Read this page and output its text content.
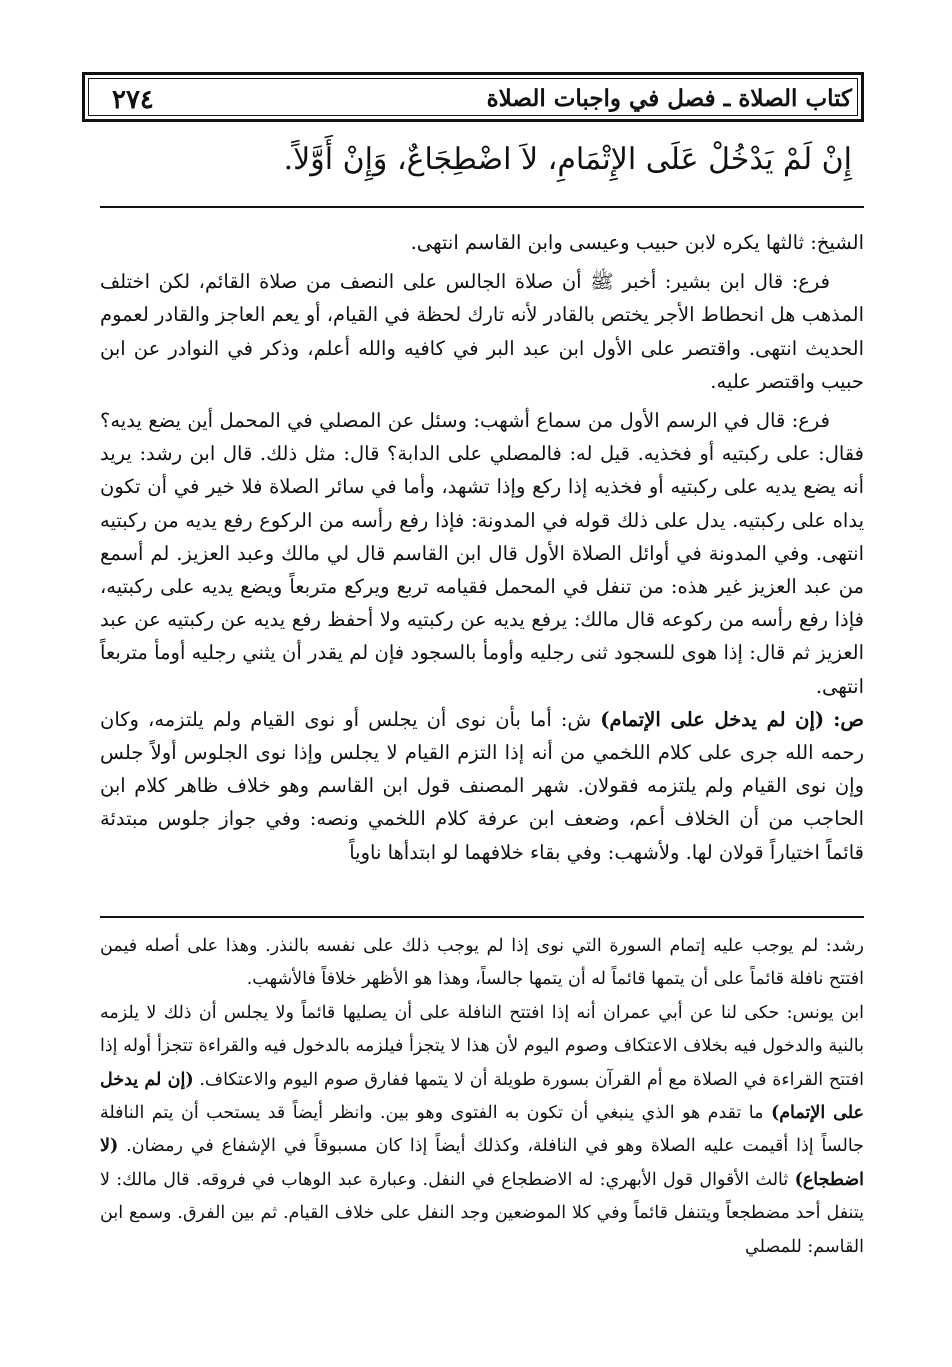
٢٧٤	كتاب الصلاة ـ فصل في واجبات الصلاة
إِنْ لَمْ يَدْخُلْ عَلَى الإِتْمَامِ، لاَ اضْطِجَاعٌ، وَإِنْ أَوَّلاً.

الشيخ: ثالثها يكره لابن حبيب وعيسى وابن القاسم انتهى.

فرع: قال ابن بشير: أخبر ﷺ أن صلاة الجالس على النصف من صلاة القائم، لكن اختلف المذهب هل انحطاط الأجر يختص بالقادر لأنه تارك لحظة في القيام، أو يعم العاجز والقادر لعموم الحديث انتهى. واقتصر على الأول ابن عبد البر في كافيه والله أعلم، وذكر في النوادر عن ابن حبيب واقتصر عليه.

فرع: قال في الرسم الأول من سماع أشهب: وسئل عن المصلي في المحمل أين يضع يديه؟ فقال: على ركبتيه أو فخذيه. قيل له: فالمصلي على الدابة؟ قال: مثل ذلك. قال ابن رشد: يريد أنه يضع يديه على ركبتيه أو فخذيه إذا ركع وإذا تشهد، وأما في سائر الصلاة فلا خير في أن تكون يداه على ركبتيه. يدل على ذلك قوله في المدونة: فإذا رفع رأسه من الركوع رفع يديه من ركبتيه انتهى. وفي المدونة في أوائل الصلاة الأول قال ابن القاسم قال لي مالك وعبد العزيز. لم أسمع من عبد العزيز غير هذه: من تنفل في المحمل فقيامه تربع ويركع متربعاً ويضع يديه على ركبتيه، فإذا رفع رأسه من ركوعه قال مالك: يرفع يديه عن ركبتيه ولا أحفظ رفع يديه عن ركبتيه عن عبد العزيز ثم قال: إذا هوى للسجود ثنى رجليه وأومأ بالسجود فإن لم يقدر أن يثني رجليه أومأ متربعاً انتهى.

ص: (إن لم يدخل على الإتمام) ش: أما بأن نوى أن يجلس أو نوى القيام ولم يلتزمه، وكان رحمه الله جرى على كلام اللخمي من أنه إذا التزم القيام لا يجلس وإذا نوى الجلوس أولاً جلس وإن نوى القيام ولم يلتزمه فقولان. شهر المصنف قول ابن القاسم وهو خلاف ظاهر كلام ابن الحاجب من أن الخلاف أعم، وضعف ابن عرفة كلام اللخمي ونصه: وفي جواز جلوس مبتدئة قائماً اختياراً قولان لها. ولأشهب: وفي بقاء خلافهما لو ابتدأها ناوياً

رشد: لم يوجب عليه إتمام السورة التي نوى إذا لم يوجب ذلك على نفسه بالنذر. وهذا على أصله فيمن افتتح نافلة قائماً على أن يتمها قائماً له أن يتمها جالساً، وهذا هو الأظهر خلافاً فالأشهب.

ابن يونس: حكى لنا عن أبي عمران أنه إذا افتتح النافلة على أن يصليها قائماً ولا يجلس أن ذلك لا يلزمه بالنية والدخول فيه بخلاف الاعتكاف وصوم اليوم لأن هذا لا يتجزأ فيلزمه بالدخول فيه والقراءة تتجزأ أوله إذا افتتح القراءة في الصلاة مع أم القرآن بسورة طويلة أن لا يتمها ففارق صوم اليوم والاعتكاف. (إن لم يدخل على الإتمام) ما تقدم هو الذي ينبغي أن تكون به الفتوى وهو بين. وانظر أيضاً قد يستحب أن يتم النافلة جالساً إذا أقيمت عليه الصلاة وهو في النافلة، وكذلك أيضاً إذا كان مسبوقاً في الإشفاع في رمضان. (لا اضطجاع) ثالث الأقوال قول الأبهري: له الاضطجاع في النفل. وعبارة عبد الوهاب في فروقه. قال مالك: لا يتنفل أحد مضطجعاً ويتنفل قائماً وفي كلا الموضعين وجد النفل على خلاف القيام. ثم بين الفرق. وسمع ابن القاسم: للمصلي
